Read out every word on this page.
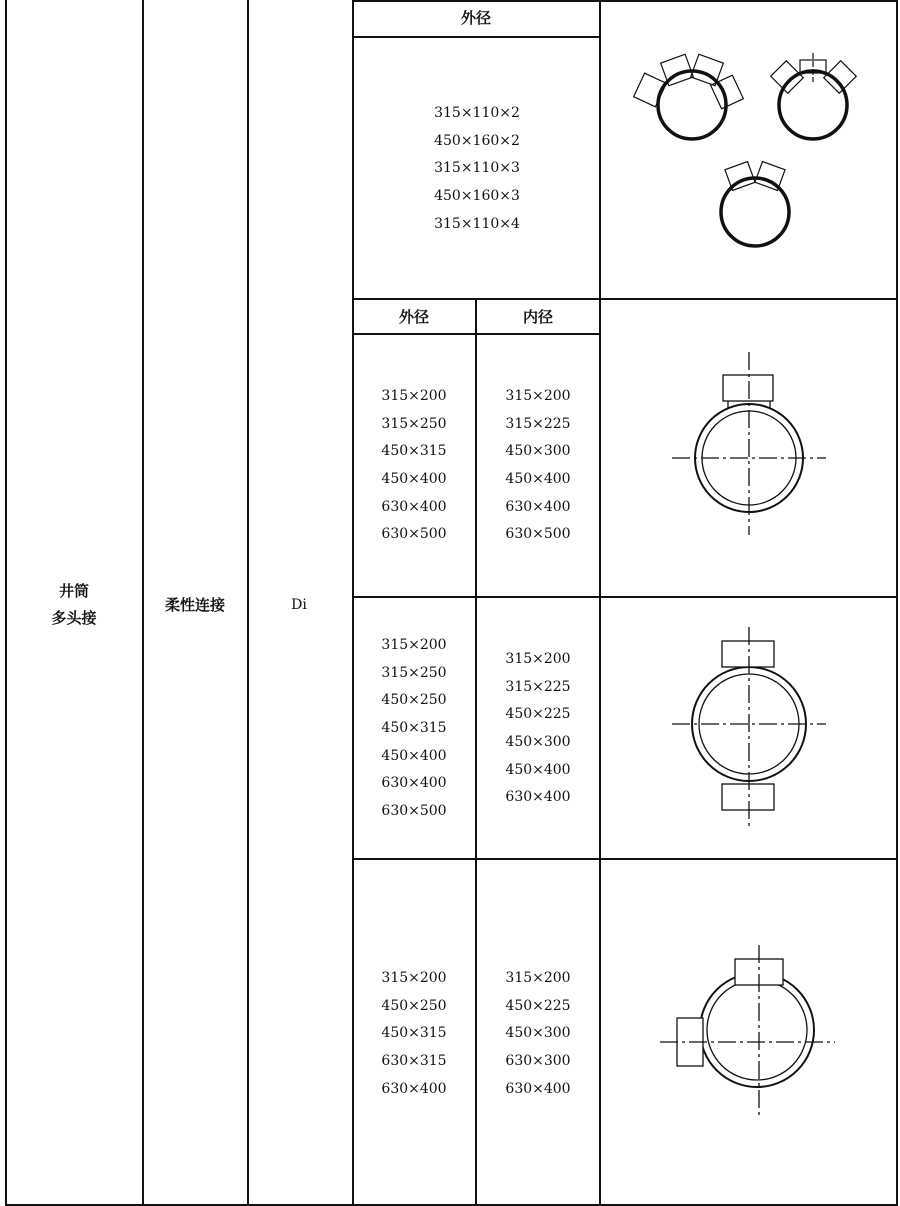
井筒
多头接
柔性连接	Di
外径
外径	内径
315×110×2
450×160×2
315×110×3
450×160×3
315×110×4
315×200
315×250
450×315
450×400
630×400
630×500
315×200
315×225
450×300
450×400
630×400
630×500
315×200
315×250
450×250
450×315
450×400
630×400
630×500
315×200
315×225
450×225
450×300
450×400
630×400
315×200
450×250
450×315
630×315
630×400
315×200
450×225
450×300
630×300
630×400
